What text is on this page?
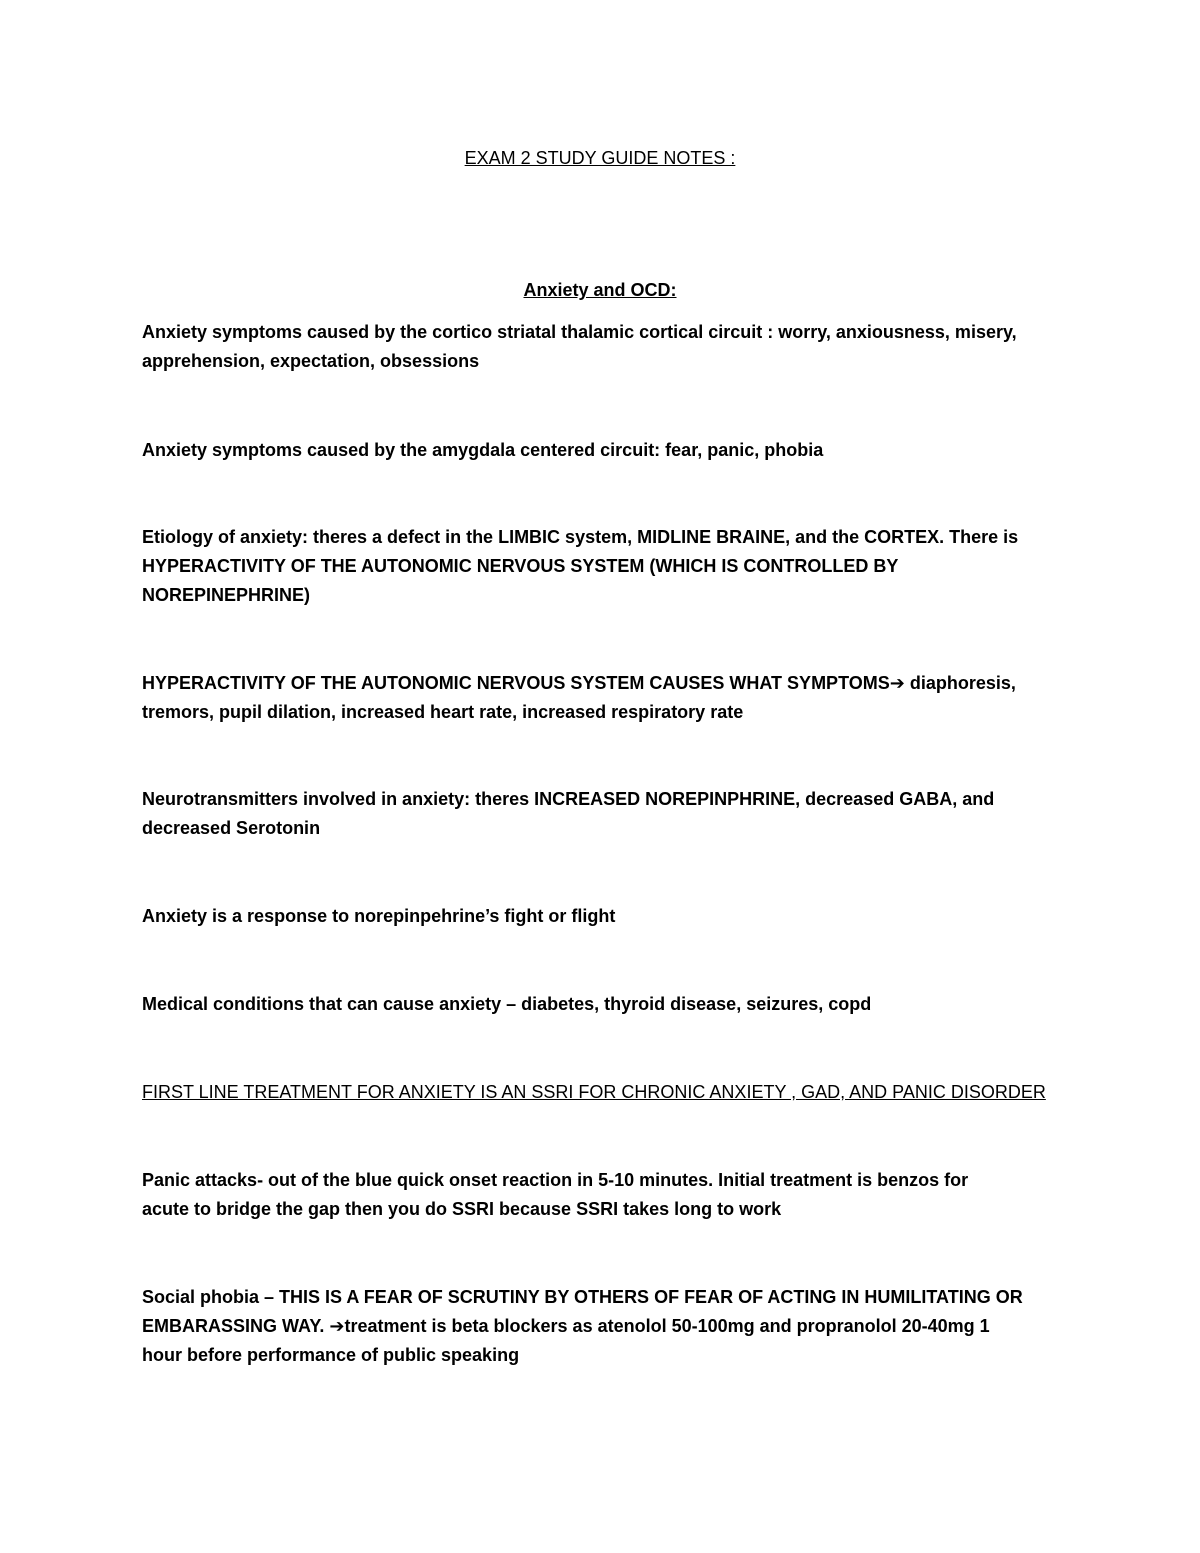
EXAM 2 STUDY GUIDE NOTES :
Anxiety and OCD:
Anxiety symptoms caused by the cortico striatal thalamic cortical circuit : worry, anxiousness, misery,
apprehension, expectation, obsessions
Anxiety symptoms caused by the amygdala centered circuit: fear, panic, phobia
Etiology of anxiety: theres a defect in the LIMBIC system, MIDLINE BRAINE, and the CORTEX. There is
HYPERACTIVITY OF THE AUTONOMIC NERVOUS SYSTEM (WHICH IS CONTROLLED BY
NOREPINEPHRINE)
HYPERACTIVITY OF THE AUTONOMIC NERVOUS SYSTEM CAUSES WHAT SYMPTOMS➔ diaphoresis,
tremors, pupil dilation, increased heart rate, increased respiratory rate
Neurotransmitters involved in anxiety: theres INCREASED NOREPINPHRINE, decreased GABA, and
decreased Serotonin
Anxiety is a response to norepinpehrine’s fight or flight
Medical conditions that can cause anxiety – diabetes, thyroid disease, seizures, copd
FIRST LINE TREATMENT FOR ANXIETY IS AN SSRI FOR CHRONIC ANXIETY , GAD, AND PANIC DISORDER
Panic attacks- out of the blue quick onset reaction in 5-10 minutes. Initial treatment is benzos for
acute to bridge the gap then you do SSRI because SSRI takes long to work
Social phobia – THIS IS A FEAR OF SCRUTINY BY OTHERS OF FEAR OF ACTING IN HUMILITATING OR
EMBARASSING WAY. ➔treatment is beta blockers as atenolol 50-100mg and propranolol 20-40mg 1
hour before performance of public speaking
